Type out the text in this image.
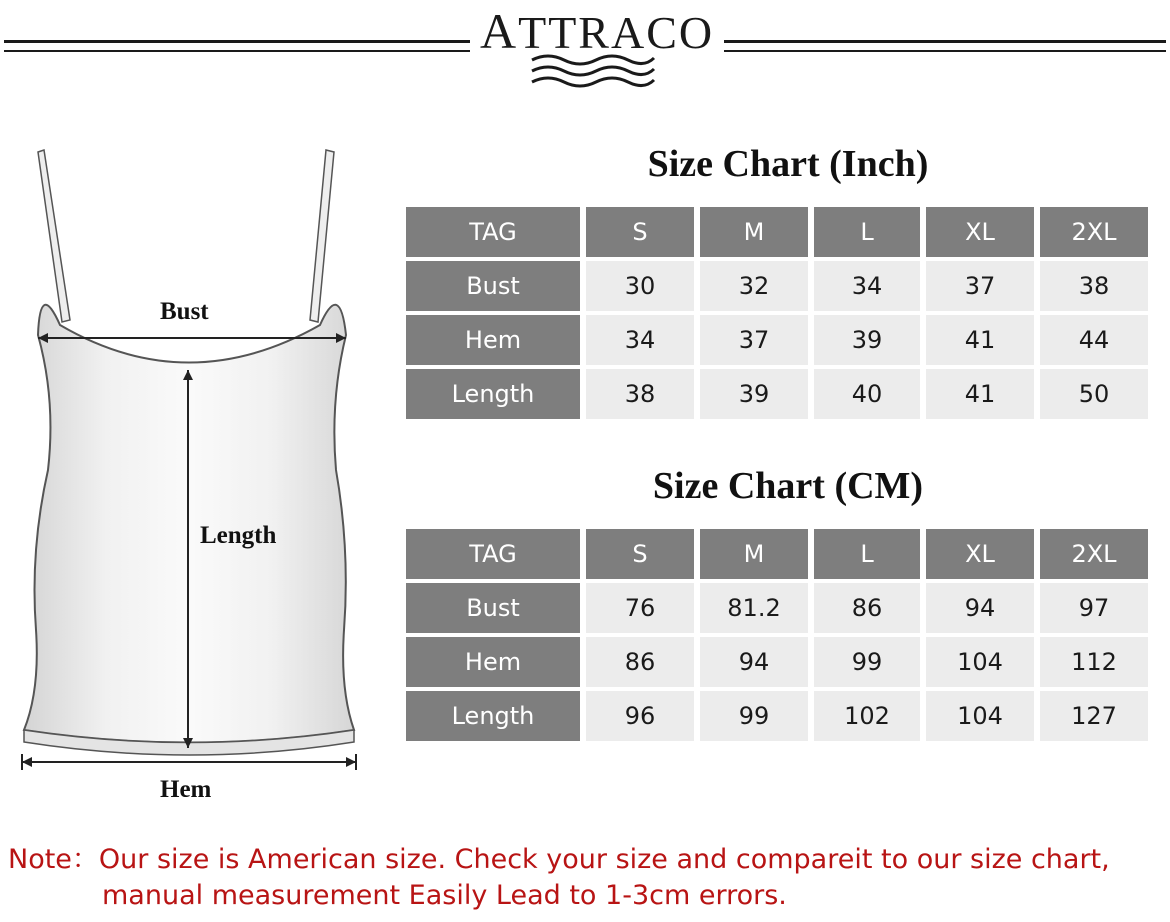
ATTRACO
Bust
Length
Hem
Size Chart (Inch)
TAG	S	M	L	XL	2XL
Bust	30	32	34	37	38
Hem	34	37	39	41	44
Length	38	39	40	41	50
Size Chart (CM)
TAG	S	M	L	XL	2XL
Bust	76	81.2	86	94	97
Hem	86	94	99	104	112
Length	96	99	102	104	127
Note：Our size is American size. Check your size and compareit to our size chart,
manual measurement Easily Lead to 1-3cm errors.
